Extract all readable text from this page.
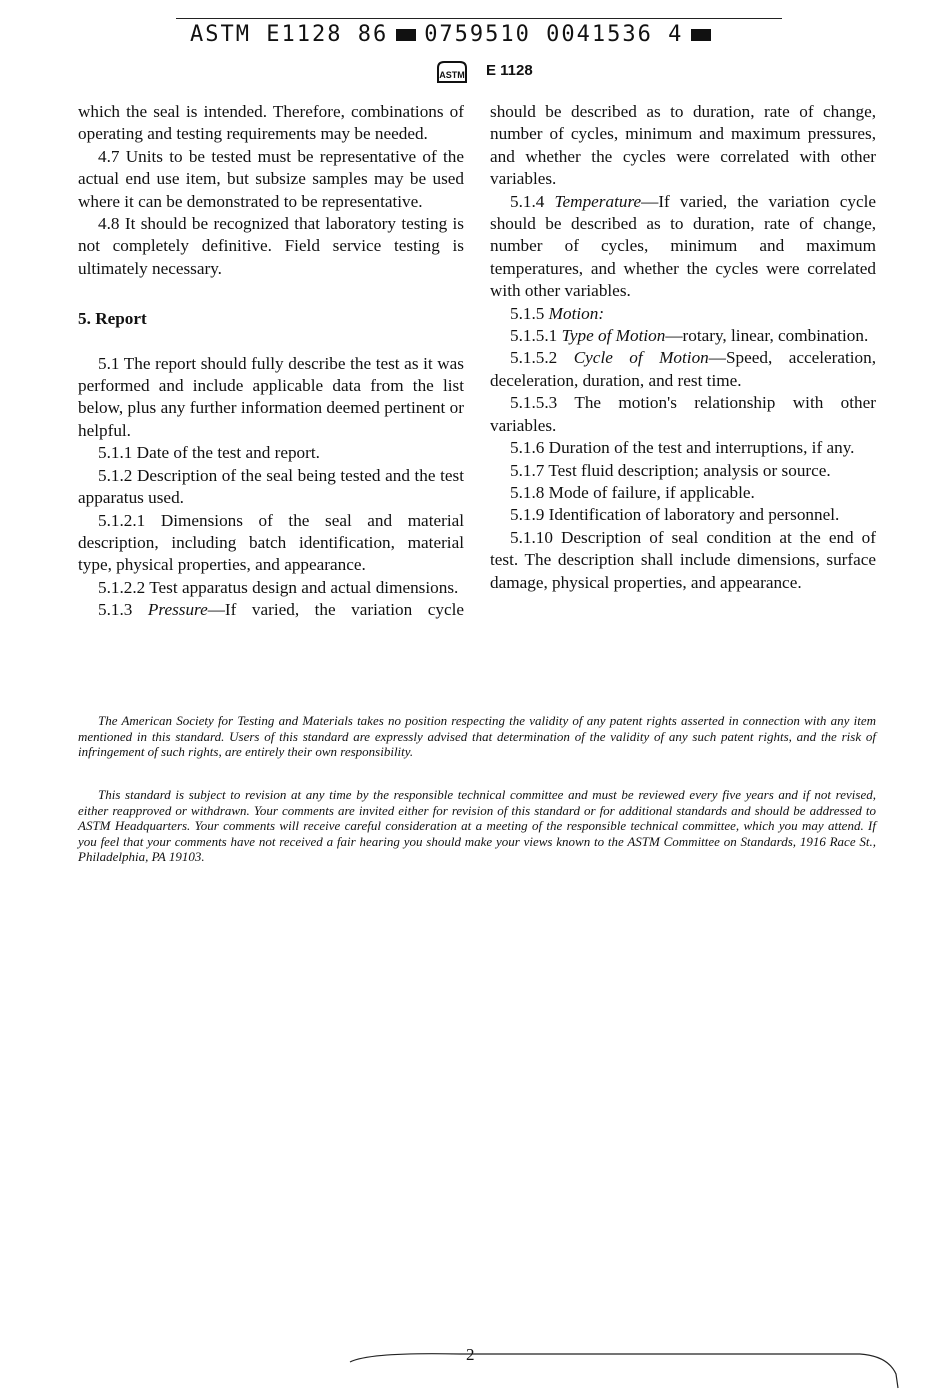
ASTM E1128 86 0759510 0041536 4
ASTM E 1128

which the seal is intended. Therefore, combinations of operating and testing requirements may be needed.

4.7 Units to be tested must be representative of the actual end use item, but subsize samples may be used where it can be demonstrated to be representative.

4.8 It should be recognized that laboratory testing is not completely definitive. Field service testing is ultimately necessary.

5. Report

5.1 The report should fully describe the test as it was performed and include applicable data from the list below, plus any further information deemed pertinent or helpful.

5.1.1 Date of the test and report.

5.1.2 Description of the seal being tested and the test apparatus used.

5.1.2.1 Dimensions of the seal and material description, including batch identification, material type, physical properties, and appearance.

5.1.2.2 Test apparatus design and actual dimensions.

5.1.3 Pressure—If varied, the variation cycle

should be described as to duration, rate of change, number of cycles, minimum and maximum pressures, and whether the cycles were correlated with other variables.

5.1.4 Temperature—If varied, the variation cycle should be described as to duration, rate of change, number of cycles, minimum and maximum temperatures, and whether the cycles were correlated with other variables.

5.1.5 Motion:

5.1.5.1 Type of Motion—rotary, linear, combination.

5.1.5.2 Cycle of Motion—Speed, acceleration, deceleration, duration, and rest time.

5.1.5.3 The motion's relationship with other variables.

5.1.6 Duration of the test and interruptions, if any.

5.1.7 Test fluid description; analysis or source.

5.1.8 Mode of failure, if applicable.

5.1.9 Identification of laboratory and personnel.

5.1.10 Description of seal condition at the end of test. The description shall include dimensions, surface damage, physical properties, and appearance.

The American Society for Testing and Materials takes no position respecting the validity of any patent rights asserted in connection with any item mentioned in this standard. Users of this standard are expressly advised that determination of the validity of any such patent rights, and the risk of infringement of such rights, are entirely their own responsibility.

This standard is subject to revision at any time by the responsible technical committee and must be reviewed every five years and if not revised, either reapproved or withdrawn. Your comments are invited either for revision of this standard or for additional standards and should be addressed to ASTM Headquarters. Your comments will receive careful consideration at a meeting of the responsible technical committee, which you may attend. If you feel that your comments have not received a fair hearing you should make your views known to the ASTM Committee on Standards, 1916 Race St., Philadelphia, PA 19103.

2
